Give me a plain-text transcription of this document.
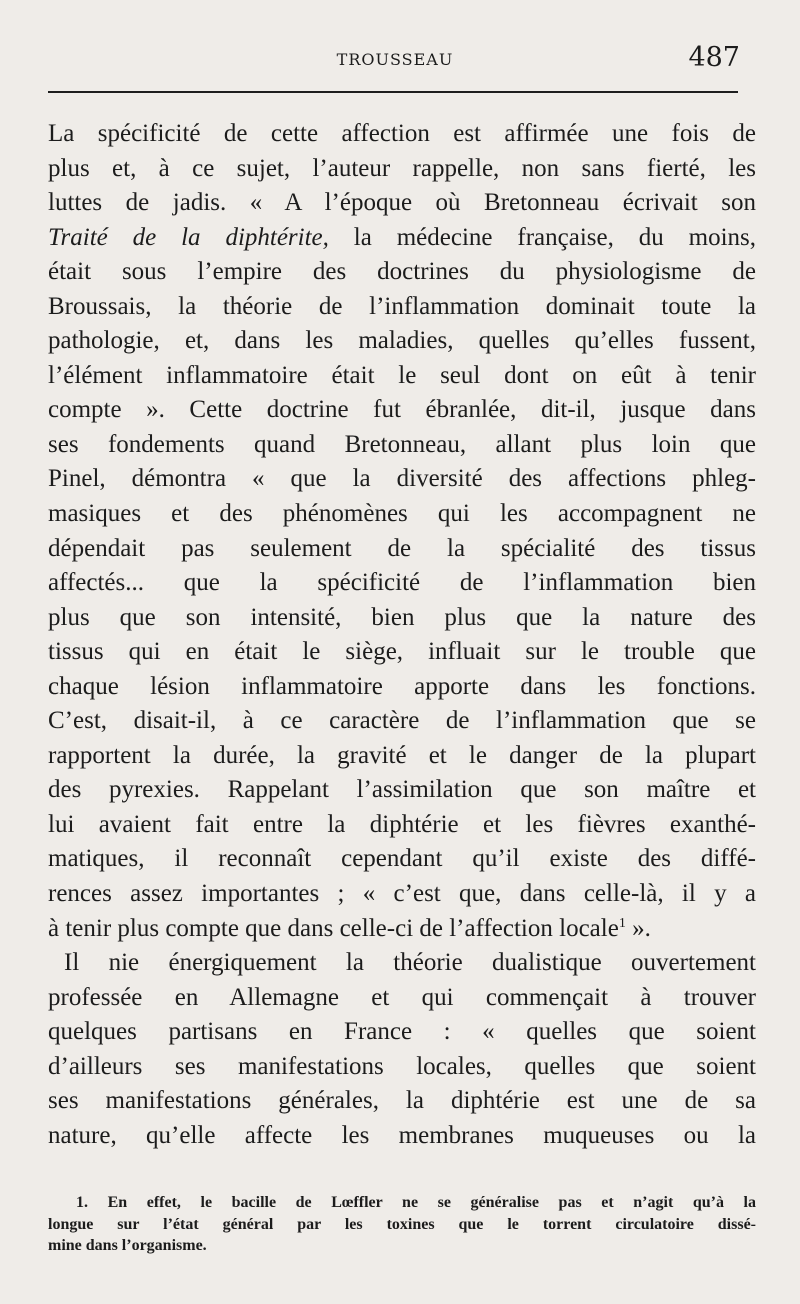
TROUSSEAU	487
La spécificité de cette affection est affirmée une fois de
plus et, à ce sujet, l’auteur rappelle, non sans fierté, les
luttes de jadis. « A l’époque où Bretonneau écrivait son
Traité de la diphtérite, la médecine française, du moins,
était sous l’empire des doctrines du physiologisme de
Broussais, la théorie de l’inflammation dominait toute la
pathologie, et, dans les maladies, quelles qu’elles fussent,
l’élément inflammatoire était le seul dont on eût à tenir
compte ». Cette doctrine fut ébranlée, dit-il, jusque dans
ses fondements quand Bretonneau, allant plus loin que
Pinel, démontra « que la diversité des affections phleg-
masiques et des phénomènes qui les accompagnent ne
dépendait pas seulement de la spécialité des tissus
affectés... que la spécificité de l’inflammation bien
plus que son intensité, bien plus que la nature des
tissus qui en était le siège, influait sur le trouble que
chaque lésion inflammatoire apporte dans les fonctions.
C’est, disait-il, à ce caractère de l’inflammation que se
rapportent la durée, la gravité et le danger de la plupart
des pyrexies. Rappelant l’assimilation que son maître et
lui avaient fait entre la diphtérie et les fièvres exanthé-
matiques, il reconnaît cependant qu’il existe des diffé-
rences assez importantes ; « c’est que, dans celle-là, il y a
à tenir plus compte que dans celle-ci de l’affection locale$^1$ ».
Il nie énergiquement la théorie dualistique ouvertement
professée en Allemagne et qui commençait à trouver
quelques partisans en France : « quelles que soient
d’ailleurs ses manifestations locales, quelles que soient
ses manifestations générales, la diphtérie est une de sa
nature, qu’elle affecte les membranes muqueuses ou la
1. En effet, le bacille de Lœffler ne se généralise pas et n’agit qu’à la
longue sur l’état général par les toxines que le torrent circulatoire dissé-
mine dans l’organisme.
